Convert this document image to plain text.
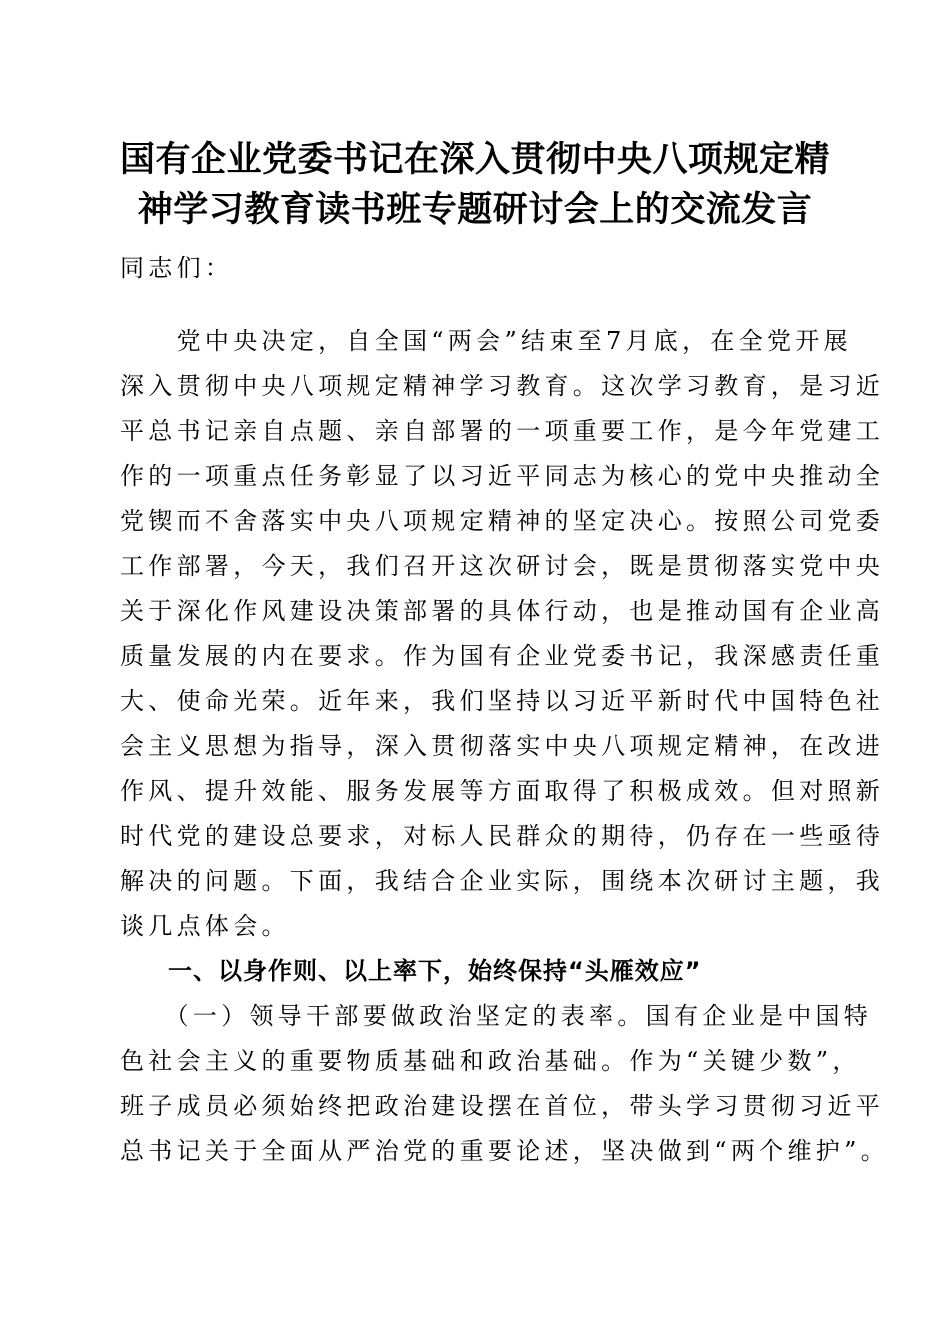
国有企业党委书记在深入贯彻中央八项规定精
神学习教育读书班专题研讨会上的交流发言
同志们：
　　党中央决定，自全国“两会”结束至7月底，在全党开展
深入贯彻中央八项规定精神学习教育。这次学习教育，是习近
平总书记亲自点题、亲自部署的一项重要工作，是今年党建工
作的一项重点任务彰显了以习近平同志为核心的党中央推动全
党锲而不舍落实中央八项规定精神的坚定决心。按照公司党委
工作部署，今天，我们召开这次研讨会，既是贯彻落实党中央
关于深化作风建设决策部署的具体行动，也是推动国有企业高
质量发展的内在要求。作为国有企业党委书记，我深感责任重
大、使命光荣。近年来，我们坚持以习近平新时代中国特色社
会主义思想为指导，深入贯彻落实中央八项规定精神，在改进
作风、提升效能、服务发展等方面取得了积极成效。但对照新
时代党的建设总要求，对标人民群众的期待，仍存在一些亟待
解决的问题。下面，我结合企业实际，围绕本次研讨主题，我
谈几点体会。
一、以身作则、以上率下，始终保持“头雁效应”
　　（一）领导干部要做政治坚定的表率。国有企业是中国特
色社会主义的重要物质基础和政治基础。作为“关键少数”，
班子成员必须始终把政治建设摆在首位，带头学习贯彻习近平
总书记关于全面从严治党的重要论述，坚决做到“两个维护”。
